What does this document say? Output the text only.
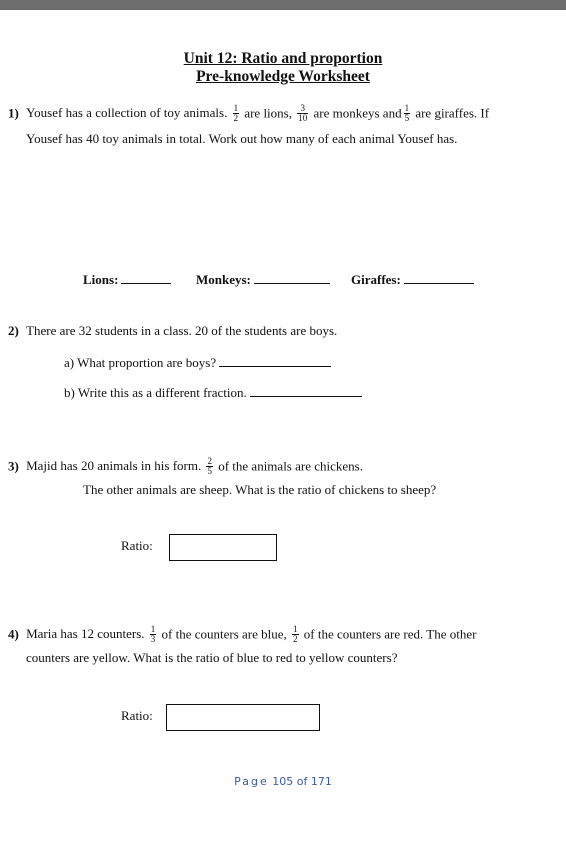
Unit 12: Ratio and proportion
Pre-knowledge Worksheet
1) Yousef has a collection of toy animals. $\frac{1}{2}$ are lions, $\frac{3}{10}$ are monkeys and $\frac{1}{5}$ are giraffes. If
Yousef has 40 toy animals in total. Work out how many of each animal Yousef has.
Lions:	Monkeys:	Giraffes:
2) There are 32 students in a class. 20 of the students are boys.
a) What proportion are boys?
b) Write this as a different fraction.
3) Majid has 20 animals in his form. $\frac{2}{5}$ of the animals are chickens.
The other animals are sheep. What is the ratio of chickens to sheep?
Ratio:
4) Maria has 12 counters. $\frac{1}{3}$ of the counters are blue, $\frac{1}{2}$ of the counters are red. The other
counters are yellow. What is the ratio of blue to red to yellow counters?
Ratio:
Page 105 of 171
